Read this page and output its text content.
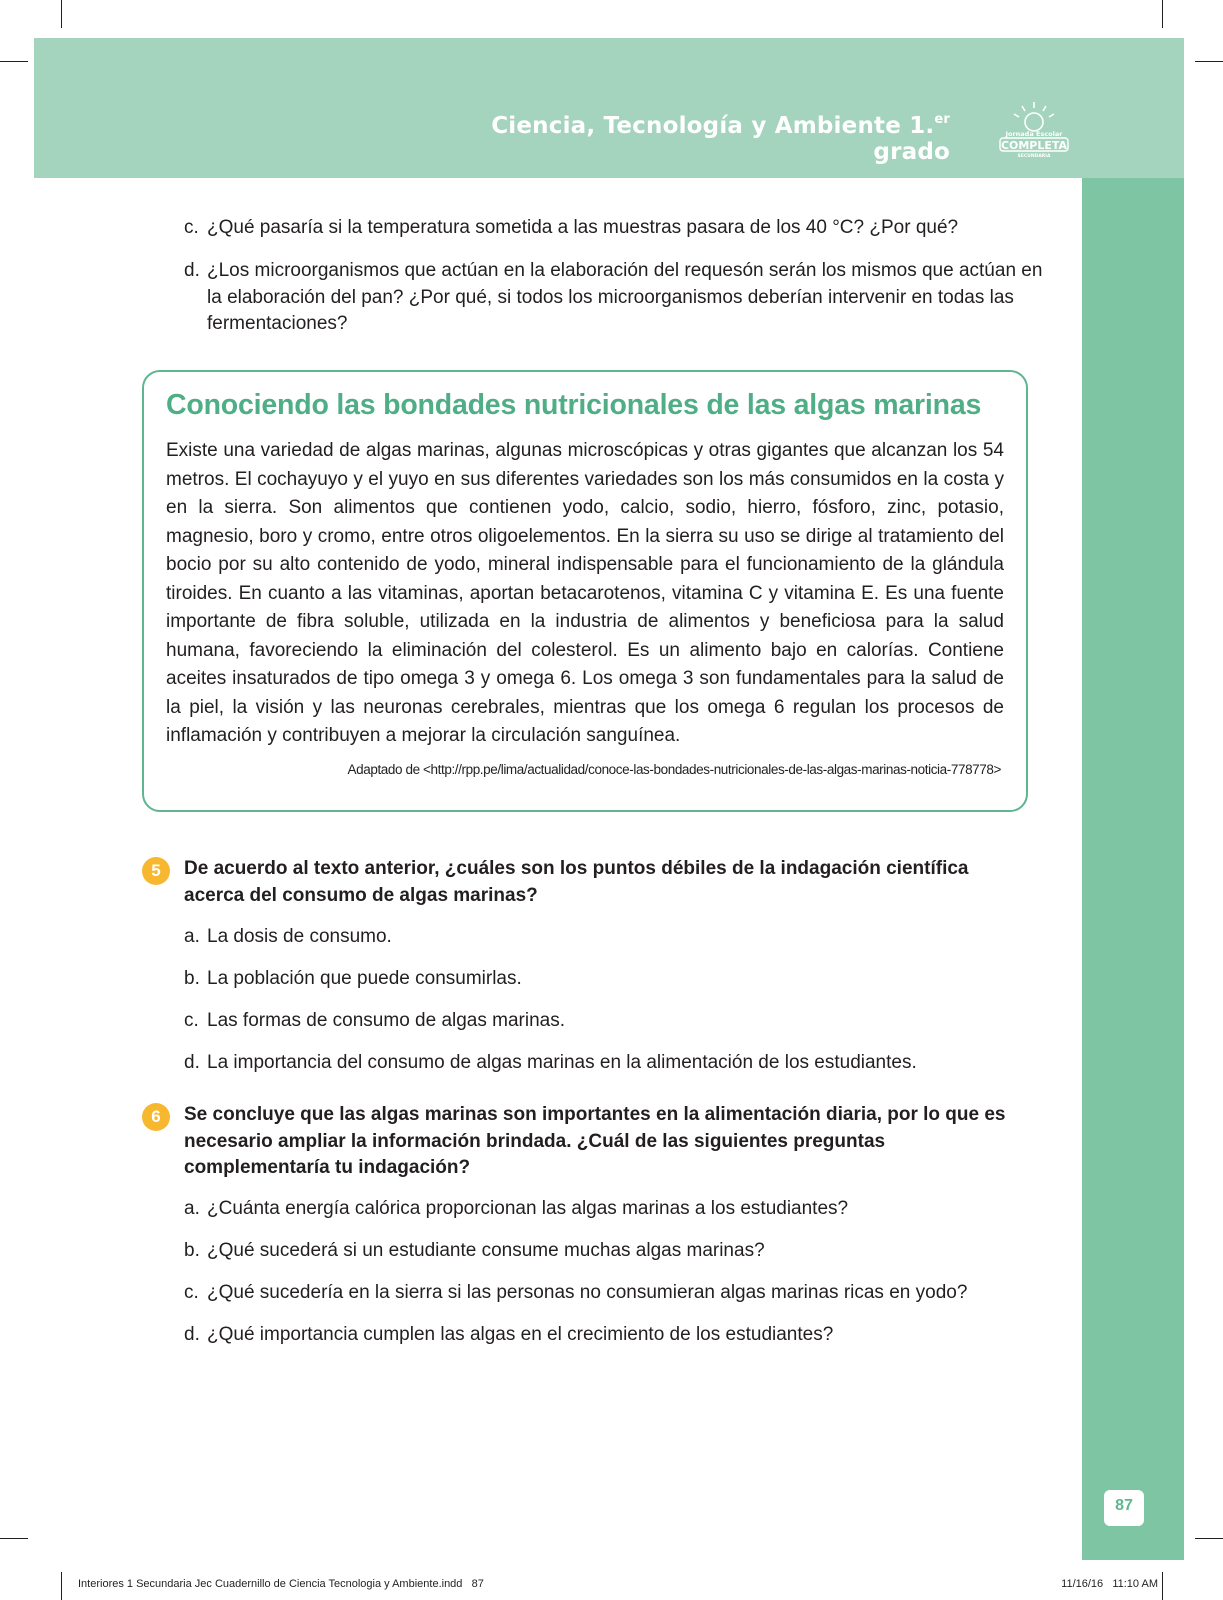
Ciencia, Tecnología y Ambiente 1.$^{er}$ grado
Jornada Escolar
COMPLETA
SECUNDARIA
87
c. ¿Qué pasaría si la temperatura sometida a las muestras pasara de los 40 °C? ¿Por qué?
d. ¿Los microorganismos que actúan en la elaboración del requesón serán los mismos que actúan en la elaboración del pan? ¿Por qué, si todos los microorganismos deberían intervenir en todas las fermentaciones?
Conociendo las bondades nutricionales de las algas marinas
Existe una variedad de algas marinas, algunas microscópicas y otras gigantes que alcanzan los 54 metros. El cochayuyo y el yuyo en sus diferentes variedades son los más consumidos en la costa y en la sierra. Son alimentos que contienen yodo, calcio, sodio, hierro, fósforo, zinc, potasio, magnesio, boro y cromo, entre otros oligoelementos. En la sierra su uso se dirige al tratamiento del bocio por su alto contenido de yodo, mineral indispensable para el funcionamiento de la glándula tiroides. En cuanto a las vitaminas, aportan betacarotenos, vitamina C y vitamina E. Es una fuente importante de fibra soluble, utilizada en la industria de alimentos y beneficiosa para la salud humana, favoreciendo la eliminación del colesterol. Es un alimento bajo en calorías. Contiene aceites insaturados de tipo omega 3 y omega 6. Los omega 3 son fundamentales para la salud de la piel, la visión y las neuronas cerebrales, mientras que los omega 6 regulan los procesos de inflamación y contribuyen a mejorar la circulación sanguínea.
Adaptado de <http://rpp.pe/lima/actualidad/conoce-las-bondades-nutricionales-de-las-algas-marinas-noticia-778778>
5	De acuerdo al texto anterior, ¿cuáles son los puntos débiles de la indagación científica acerca del consumo de algas marinas?
a. La dosis de consumo.
b. La población que puede consumirlas.
c. Las formas de consumo de algas marinas.
d. La importancia del consumo de algas marinas en la alimentación de los estudiantes.
6	Se concluye que las algas marinas son importantes en la alimentación diaria, por lo que es necesario ampliar la información brindada. ¿Cuál de las siguientes preguntas complementaría tu indagación?
a. ¿Cuánta energía calórica proporcionan las algas marinas a los estudiantes?
b. ¿Qué sucederá si un estudiante consume muchas algas marinas?
c. ¿Qué sucedería en la sierra si las personas no consumieran algas marinas ricas en yodo?
d. ¿Qué importancia cumplen las algas en el crecimiento de los estudiantes?
Interiores 1 Secundaria Jec Cuadernillo de Ciencia Tecnologia y Ambiente.indd   87	11/16/16   11:10 AM
